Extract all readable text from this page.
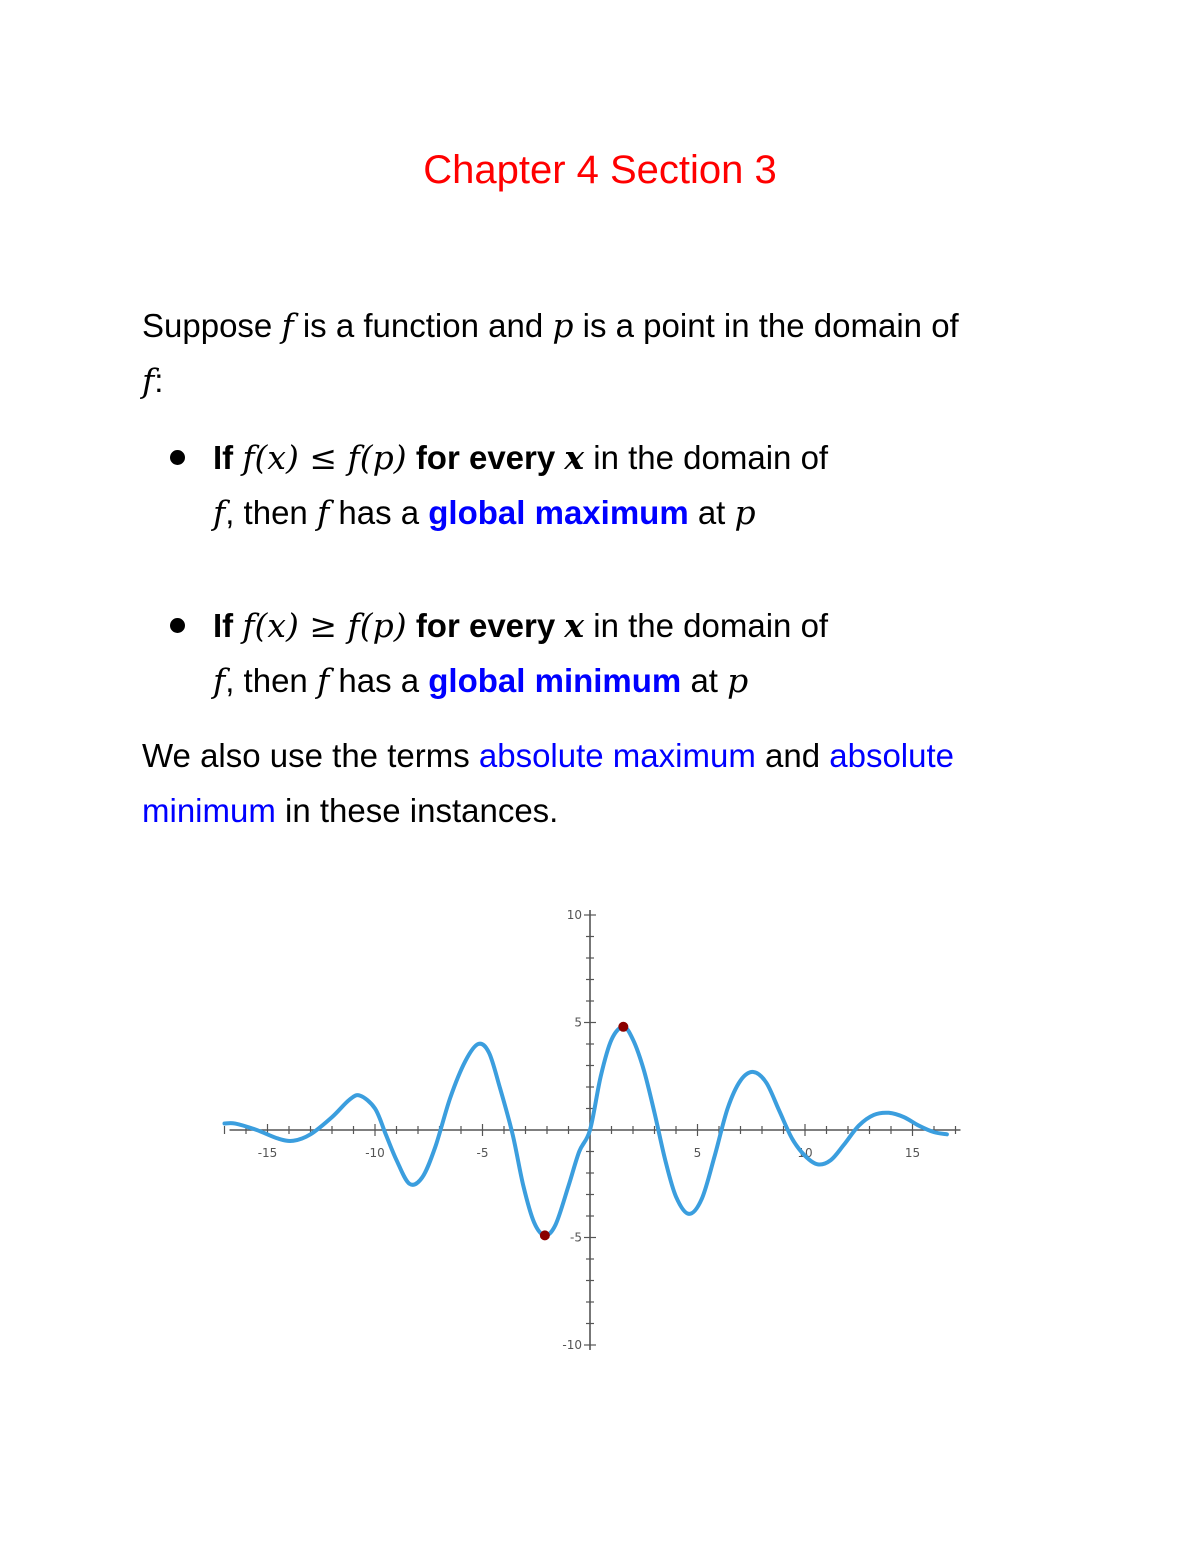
Chapter 4 Section 3
Suppose f is a function and p is a point in the domain of
f:
If f(x) ≤ f(p) for every x in the domain of
f, then f has a global maximum at p
If f(x) ≥ f(p) for every x in the domain of
f, then f has a global minimum at p
We also use the terms absolute maximum and absolute
minimum in these instances.
-15	-10	-5	5	10	15
10
5
-5
-10
